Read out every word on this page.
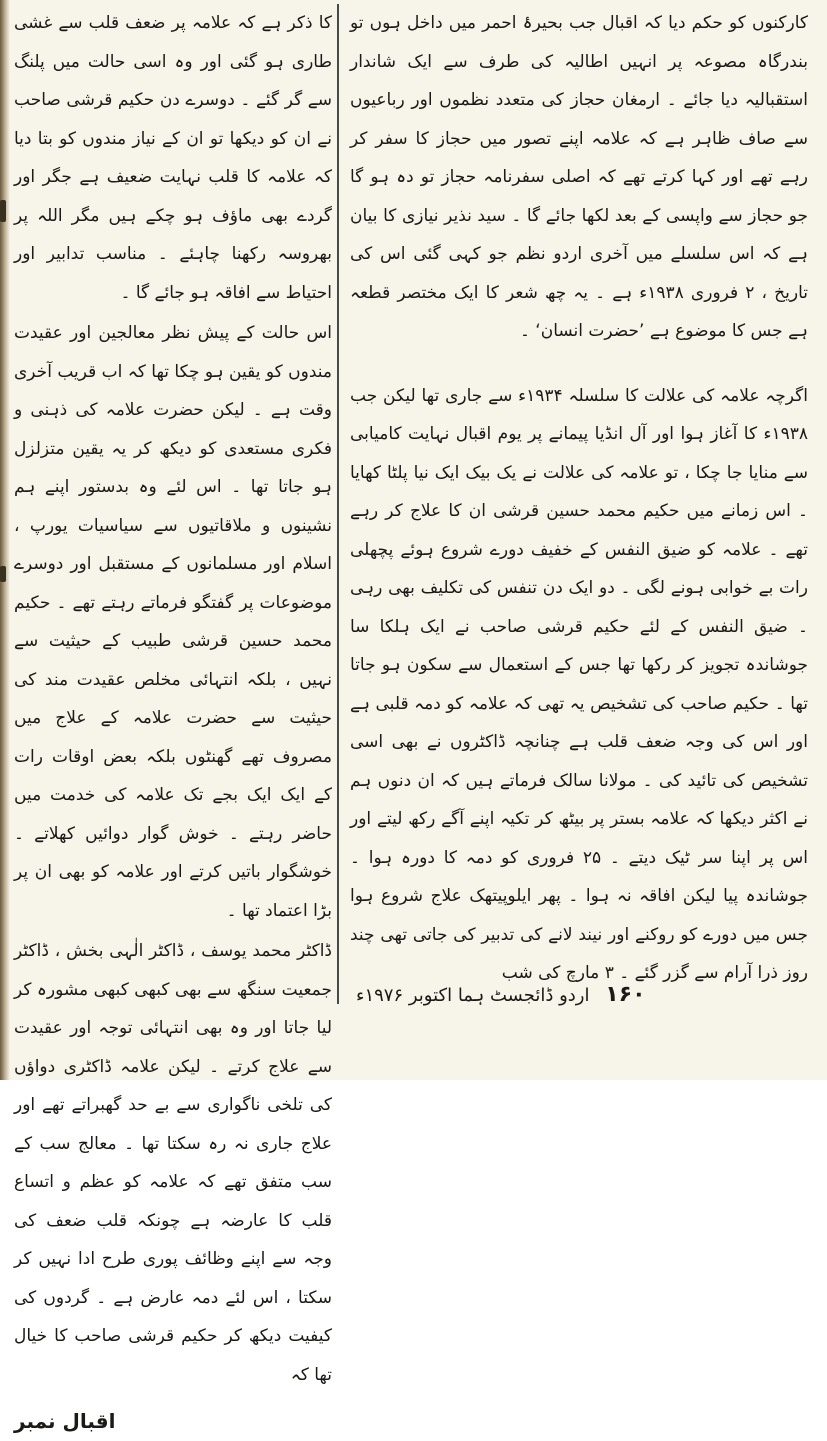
کارکنوں کو حکم دیا کہ اقبال جب بحیرۂ احمر میں داخل ہوں تو بندرگاہ مصوعہ پر انہیں اطالیہ کی طرف سے ایک شاندار استقبالیہ دیا جائے ۔ ارمغان حجاز کی متعدد نظموں اور رباعیوں سے صاف ظاہر ہے کہ علامہ اپنے تصور میں حجاز کا سفر کر رہے تھے اور کہا کرتے تھے کہ اصلی سفرنامہ حجاز تو دہ ہو گا جو حجاز سے واپسی کے بعد لکھا جائے گا ۔ سید نذیر نیازی کا بیان ہے کہ اس سلسلے میں آخری اردو نظم جو کہی گئی اس کی تاریخ ، ۲ فروری ۱۹۳۸ء ہے ۔ یہ چھ شعر کا ایک مختصر قطعہ ہے جس کا موضوع ہے ’حضرت انسان‘ ۔

اگرچہ علامہ کی علالت کا سلسلہ ۱۹۳۴ء سے جاری تھا لیکن جب ۱۹۳۸ء کا آغاز ہوا اور آل انڈیا پیمانے پر یوم اقبال نہایت کامیابی سے منایا جا چکا ، تو علامہ کی علالت نے یک بیک ایک نیا پلٹا کھایا ۔ اس زمانے میں حکیم محمد حسین قرشی ان کا علاج کر رہے تھے ۔ علامہ کو ضیق النفس کے خفیف دورے شروع ہوئے پچھلی رات بے خوابی ہونے لگی ۔ دو ایک دن تنفس کی تکلیف بھی رہی ۔ ضیق النفس کے لئے حکیم قرشی صاحب نے ایک ہلکا سا جوشاندہ تجویز کر رکھا تھا جس کے استعمال سے سکون ہو جاتا تھا ۔ حکیم صاحب کی تشخیص یہ تھی کہ علامہ کو دمہ قلبی ہے اور اس کی وجہ ضعف قلب ہے چنانچہ ڈاکٹروں نے بھی اسی تشخیص کی تائید کی ۔ مولانا سالک فرماتے ہیں کہ ان دنوں ہم نے اکثر دیکھا کہ علامہ بستر پر بیٹھ کر تکیہ اپنے آگے رکھ لیتے اور اس پر اپنا سر ٹیک دیتے ۔ ۲۵ فروری کو دمہ کا دورہ ہوا ۔ جوشاندہ پیا لیکن افاقہ نہ ہوا ۔ پھر ایلوپیتھک علاج شروع ہوا جس میں دورے کو روکنے اور نیند لانے کی تدبیر کی جاتی تھی چند روز ذرا آرام سے گزر گئے ۔ ۳ مارچ کی شب

کا ذکر ہے کہ علامہ پر ضعف قلب سے غشی طاری ہو گئی اور وہ اسی حالت میں پلنگ سے گر گئے ۔ دوسرے دن حکیم قرشی صاحب نے ان کو دیکھا تو ان کے نیاز مندوں کو بتا دیا کہ علامہ کا قلب نہایت ضعیف ہے جگر اور گردے بھی ماؤف ہو چکے ہیں مگر اللہ پر بھروسہ رکھنا چاہئے ۔ مناسب تدابیر اور احتیاط سے افاقہ ہو جائے گا ۔

اس حالت کے پیش نظر معالجین اور عقیدت مندوں کو یقین ہو چکا تھا کہ اب قریب آخری وقت ہے ۔ لیکن حضرت علامہ کی ذہنی و فکری مستعدی کو دیکھ کر یہ یقین متزلزل ہو جاتا تھا ۔ اس لئے وہ بدستور اپنے ہم نشینوں و ملاقاتیوں سے سیاسیات یورپ ، اسلام اور مسلمانوں کے مستقبل اور دوسرے موضوعات پر گفتگو فرماتے رہتے تھے ۔ حکیم محمد حسین قرشی طبیب کے حیثیت سے نہیں ، بلکہ انتہائی مخلص عقیدت مند کی حیثیت سے حضرت علامہ کے علاج میں مصروف تھے گھنٹوں بلکہ بعض اوقات رات کے ایک ایک بجے تک علامہ کی خدمت میں حاضر رہتے ۔ خوش گوار دوائیں کھلاتے ۔ خوشگوار باتیں کرتے اور علامہ کو بھی ان پر بڑا اعتماد تھا ۔

ڈاکٹر محمد یوسف ، ڈاکٹر الٰہی بخش ، ڈاکٹر جمعیت سنگھ سے بھی کبھی کبھی مشورہ کر لیا جاتا اور وہ بھی انتہائی توجہ اور عقیدت سے علاج کرتے ۔ لیکن علامہ ڈاکٹری دواؤں کی تلخی ناگواری سے بے حد گھبراتے تھے اور علاج جاری نہ رہ سکتا تھا ۔ معالج سب کے سب متفق تھے کہ علامہ کو عظم و اتساع قلب کا عارضہ ہے چونکہ قلب ضعف کی وجہ سے اپنے وظائف پوری طرح ادا نہیں کر سکتا ، اس لئے دمہ عارض ہے ۔ گردوں کی کیفیت دیکھ کر حکیم قرشی صاحب کا خیال تھا کہ

اقبال نمبر

۱۶۰ اردو ڈائجسٹ ہما اکتوبر ۱۹۷۶ء
